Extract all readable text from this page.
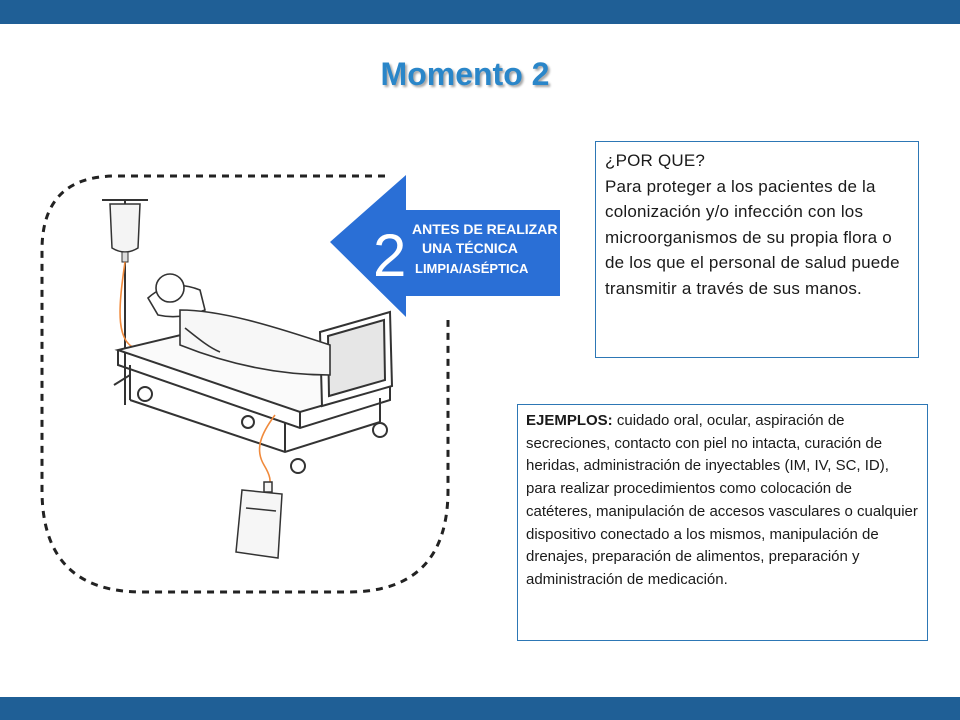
Momento 2
2 ANTES DE REALIZAR
UNA TÉCNICA
LIMPIA/ASÉPTICA
¿POR QUE?
Para proteger a los pacientes de la colonización y/o infección con los microorganismos de su propia flora o de los que el personal de salud puede transmitir a través de sus manos.
EJEMPLOS: cuidado oral, ocular, aspiración de secreciones, contacto con piel no intacta, curación de heridas, administración de inyectables (IM, IV, SC, ID), para realizar procedimientos como colocación de catéteres, manipulación de accesos vasculares o cualquier dispositivo conectado a los mismos, manipulación de drenajes, preparación de alimentos, preparación y administración de medicación.
